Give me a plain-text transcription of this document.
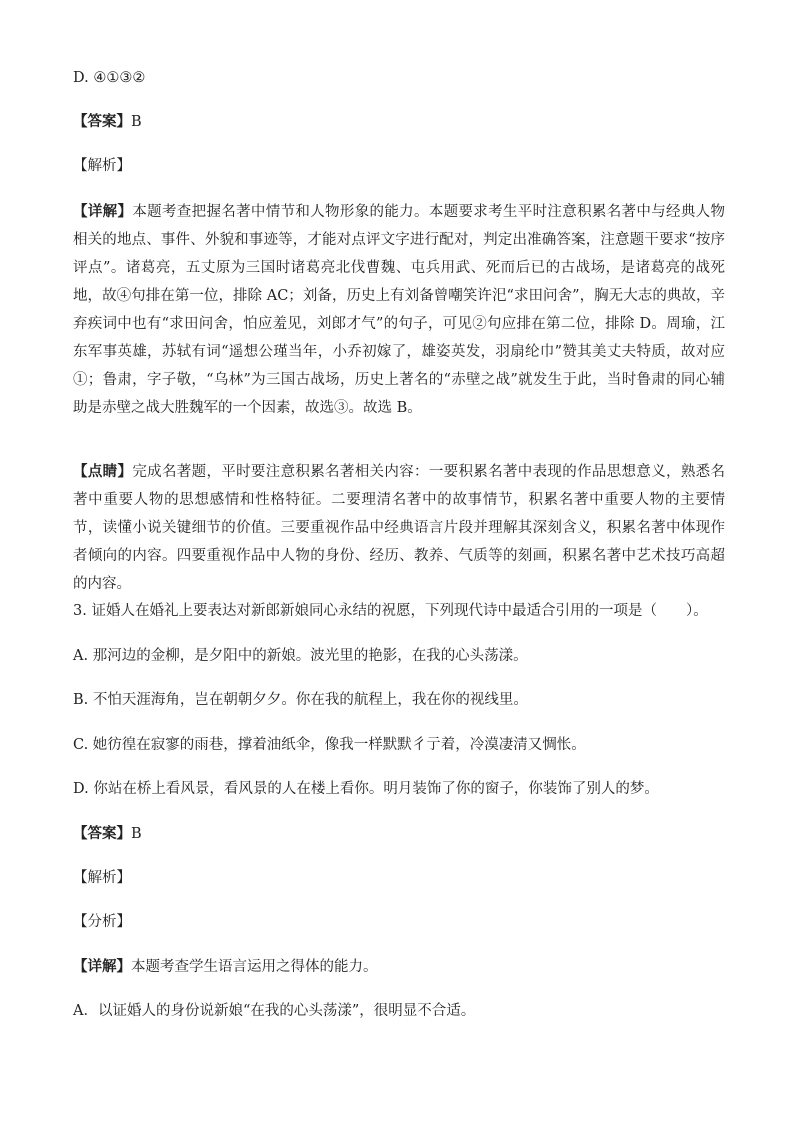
D. ④①③②
【答案】B
【解析】
【详解】本题考查把握名著中情节和人物形象的能力。本题要求考生平时注意积累名著中与经典人物相关的地点、事件、外貌和事迹等，才能对点评文字进行配对，判定出准确答案，注意题干要求“按序评点”。诸葛亮，五丈原为三国时诸葛亮北伐曹魏、屯兵用武、死而后已的古战场，是诸葛亮的战死地，故④句排在第一位，排除 AC；刘备，历史上有刘备曾嘲笑许汜“求田问舍”，胸无大志的典故，辛弃疾词中也有“求田问舍，怕应羞见，刘郎才气”的句子，可见②句应排在第二位，排除 D。周瑜，江东军事英雄，苏轼有词“遥想公瑾当年，小乔初嫁了，雄姿英发，羽扇纶巾”赞其美丈夫特质，故对应①；鲁肃，字子敬，“乌林”为三国古战场，历史上著名的“赤壁之战”就发生于此，当时鲁肃的同心辅助是赤壁之战大胜魏军的一个因素，故选③。故选 B。
【点睛】完成名著题，平时要注意积累名著相关内容：一要积累名著中表现的作品思想意义，熟悉名著中重要人物的思想感情和性格特征。二要理清名著中的故事情节，积累名著中重要人物的主要情节，读懂小说关键细节的价值。三要重视作品中经典语言片段并理解其深刻含义，积累名著中体现作者倾向的内容。四要重视作品中人物的身份、经历、教养、气质等的刻画，积累名著中艺术技巧高超的内容。
3. 证婚人在婚礼上要表达对新郎新娘同心永结的祝愿，下列现代诗中最适合引用的一项是（　　）。
A. 那河边的金柳，是夕阳中的新娘。波光里的艳影，在我的心头荡漾。
B. 不怕天涯海角，岂在朝朝夕夕。你在我的航程上，我在你的视线里。
C. 她彷徨在寂寥的雨巷，撑着油纸伞，像我一样默默彳亍着，冷漠凄清又惆怅。
D. 你站在桥上看风景，看风景的人在楼上看你。明月装饰了你的窗子，你装饰了别人的梦。
【答案】B
【解析】
【分析】
【详解】本题考查学生语言运用之得体的能力。
A．以证婚人的身份说新娘“在我的心头荡漾”，很明显不合适。
